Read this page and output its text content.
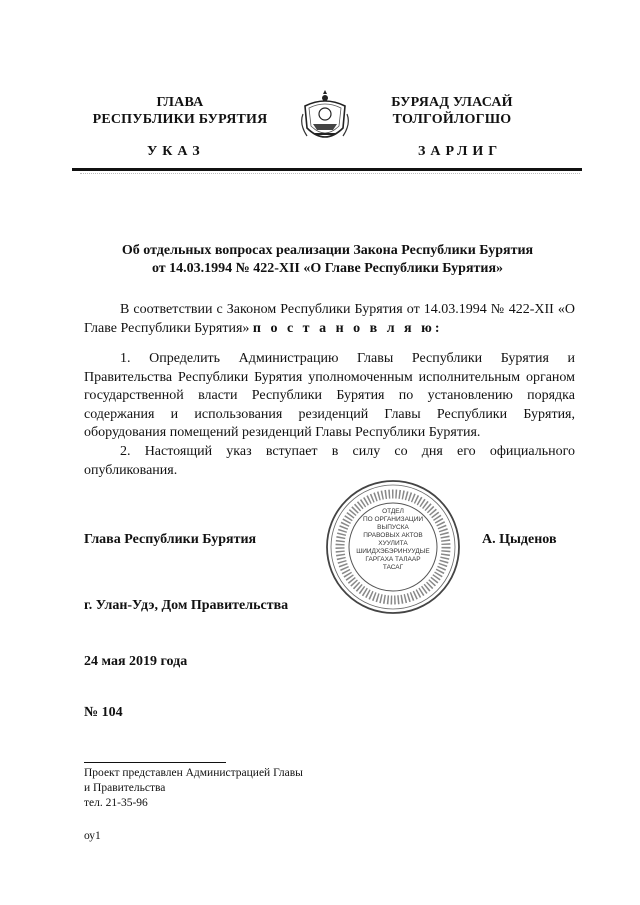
ГЛАВА
РЕСПУБЛИКИ БУРЯТИЯ
УКАЗ
БУРЯАД УЛАСАЙ
ТОЛГОЙЛОГШО
ЗАРЛИГ
Об отдельных вопросах реализации Закона Республики Бурятия
от 14.03.1994 № 422-XII «О Главе Республики Бурятия»
В соответствии с Законом Республики Бурятия от 14.03.1994 № 422-XII «О Главе Республики Бурятия» п о с т а н о в л я ю:
1. Определить Администрацию Главы Республики Бурятия и Правительства Республики Бурятия уполномоченным исполнительным органом государственной власти Республики Бурятия по установлению порядка содержания и использования резиденций Главы Республики Бурятия, оборудования помещений резиденций Главы Республики Бурятия.
2. Настоящий указ вступает в силу со дня его официального опубликования.
Глава Республики Бурятия	А. Цыденов
ОТДЕЛ
ПО ОРГАНИЗАЦИИ
ВЫПУСКА
ПРАВОВЫХ АКТОВ
ХУУЛИТА
ШИИДХЭБЭРИНУУДЫЕ
ГАРГАХА ТАЛААР
ТАСАГ
г. Улан-Удэ, Дом Правительства
24 мая 2019 года
№ 104
Проект представлен Администрацией Главы
и Правительства
тел. 21-35-96
оу1
